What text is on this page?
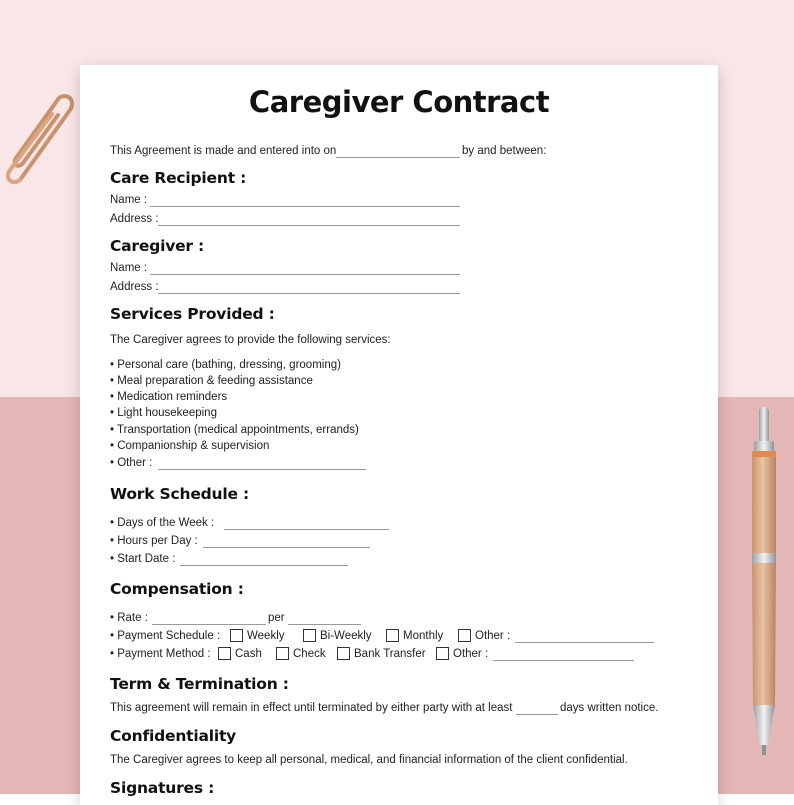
Caregiver Contract
This Agreement is made and entered into on	by and between:
Care Recipient :
Name :
Address :
Caregiver :
Name :
Address :
Services Provided :
The Caregiver agrees to provide the following services:
• Personal care (bathing, dressing, grooming)
• Meal preparation & feeding assistance
• Medication reminders
• Light housekeeping
• Transportation (medical appointments, errands)
• Companionship & supervision
• Other :
Work Schedule :
• Days of the Week :
• Hours per Day :
• Start Date :
Compensation :
• Rate :	per
• Payment Schedule : Weekly	Bi-Weekly	Monthly	Other :
• Payment Method : Cash	Check Bank Transfer Other :
Term & Termination :
This agreement will remain in effect until terminated by either party with at least	days written notice.
Confidentiality
The Caregiver agrees to keep all personal, medical, and financial information of the client confidential.
Signatures :
